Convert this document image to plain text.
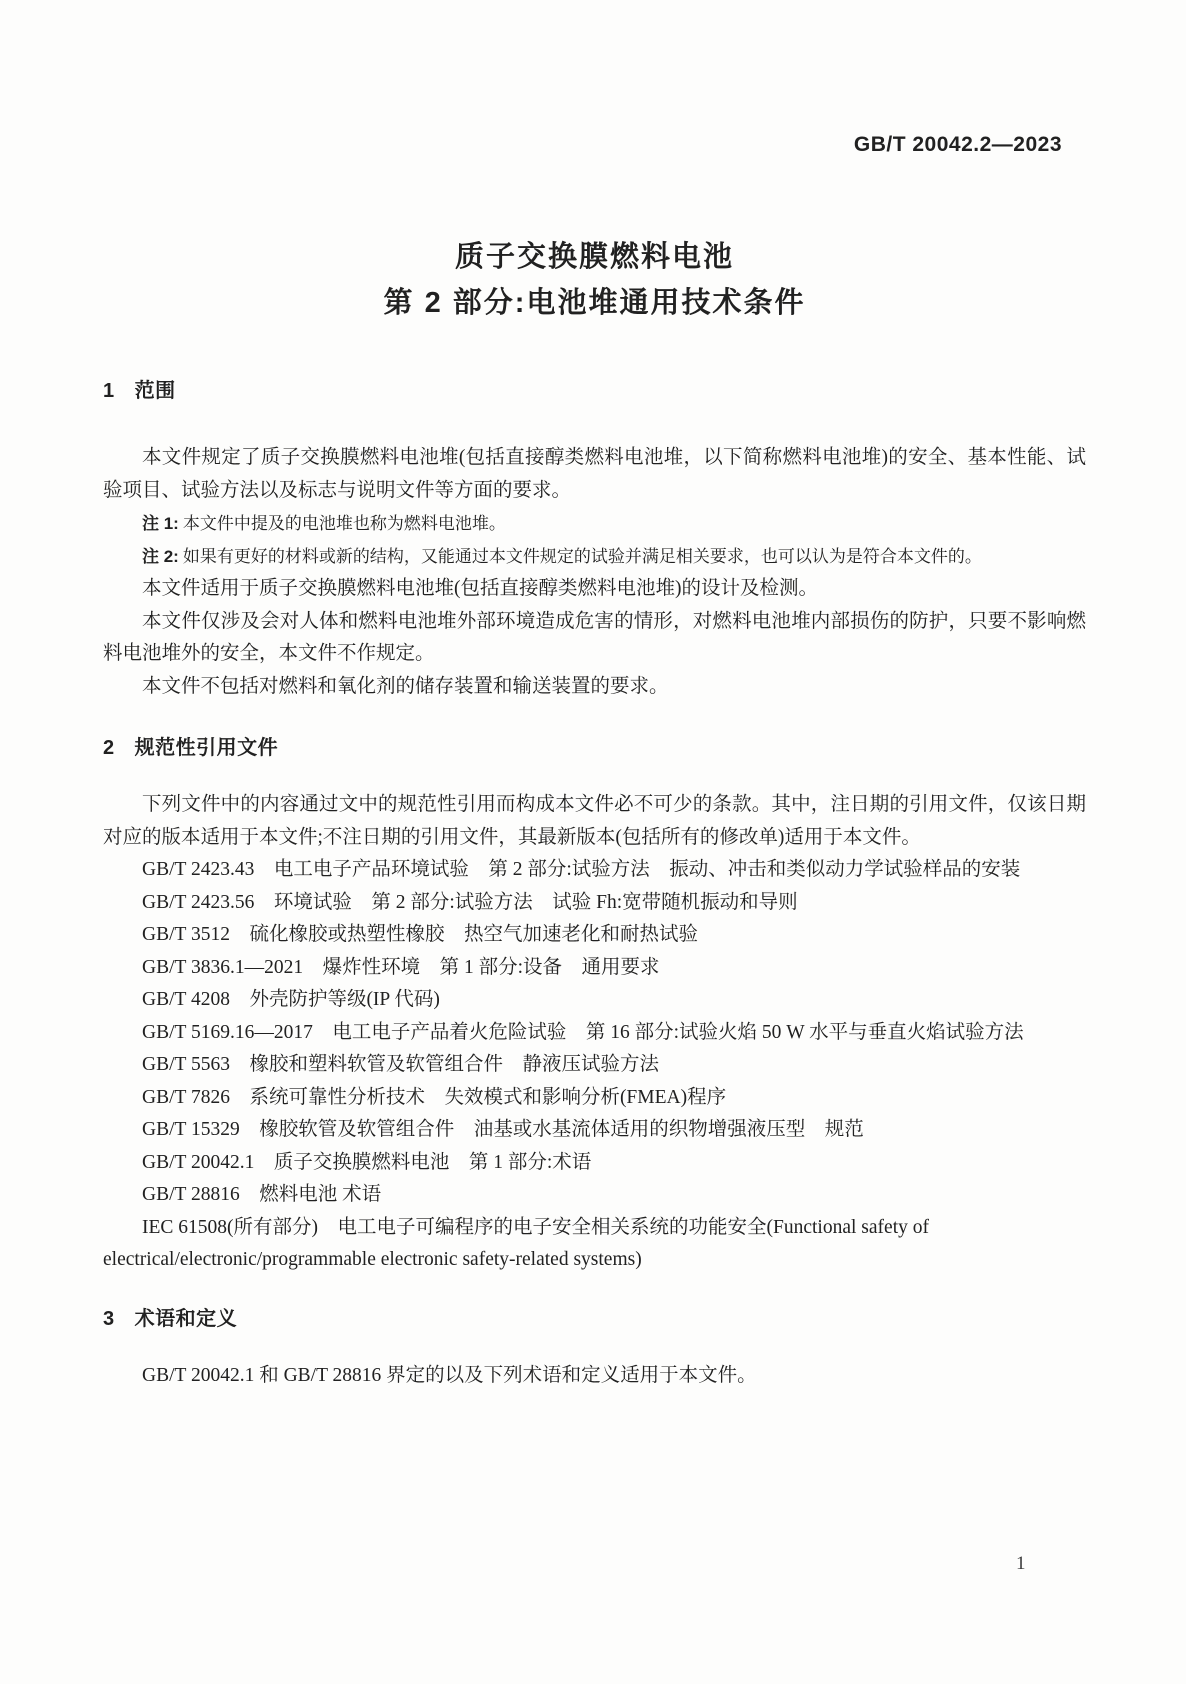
GB/T 20042.2—2023
质子交换膜燃料电池
第 2 部分:电池堆通用技术条件
1 范围

本文件规定了质子交换膜燃料电池堆(包括直接醇类燃料电池堆，以下简称燃料电池堆)的安全、基本性能、试验项目、试验方法以及标志与说明文件等方面的要求。

注 1: 本文件中提及的电池堆也称为燃料电池堆。

注 2: 如果有更好的材料或新的结构，又能通过本文件规定的试验并满足相关要求，也可以认为是符合本文件的。

本文件适用于质子交换膜燃料电池堆(包括直接醇类燃料电池堆)的设计及检测。

本文件仅涉及会对人体和燃料电池堆外部环境造成危害的情形，对燃料电池堆内部损伤的防护，只要不影响燃料电池堆外的安全，本文件不作规定。

本文件不包括对燃料和氧化剂的储存装置和输送装置的要求。

2 规范性引用文件

下列文件中的内容通过文中的规范性引用而构成本文件必不可少的条款。其中，注日期的引用文件，仅该日期对应的版本适用于本文件;不注日期的引用文件，其最新版本(包括所有的修改单)适用于本文件。

GB/T 2423.43　电工电子产品环境试验　第 2 部分:试验方法　振动、冲击和类似动力学试验样品的安装

GB/T 2423.56　环境试验　第 2 部分:试验方法　试验 Fh:宽带随机振动和导则

GB/T 3512　硫化橡胶或热塑性橡胶　热空气加速老化和耐热试验

GB/T 3836.1—2021　爆炸性环境　第 1 部分:设备　通用要求

GB/T 4208　外壳防护等级(IP 代码)

GB/T 5169.16—2017　电工电子产品着火危险试验　第 16 部分:试验火焰 50 W 水平与垂直火焰试验方法

GB/T 5563　橡胶和塑料软管及软管组合件　静液压试验方法

GB/T 7826　系统可靠性分析技术　失效模式和影响分析(FMEA)程序

GB/T 15329　橡胶软管及软管组合件　油基或水基流体适用的织物增强液压型　规范

GB/T 20042.1　质子交换膜燃料电池　第 1 部分:术语

GB/T 28816　燃料电池 术语

IEC 61508(所有部分)　电工电子可编程序的电子安全相关系统的功能安全(Functional safety of electrical/electronic/programmable electronic safety-related systems)

3 术语和定义

GB/T 20042.1 和 GB/T 28816 界定的以及下列术语和定义适用于本文件。

1
